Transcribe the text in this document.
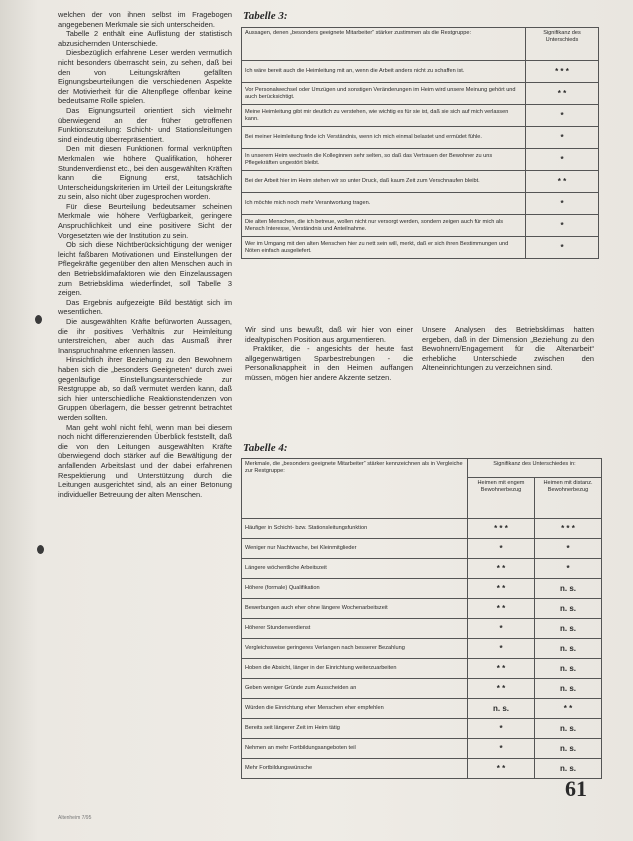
welchen der von ihnen selbst im Fragebogen angegebenen Merkmale sie sich unterscheiden.

Tabelle 2 enthält eine Auflistung der statistisch abzusichernden Unterschiede.

Diesbezüglich erfahrene Leser werden vermutlich nicht besonders überrascht sein, zu sehen, daß bei den von Leitungskräften gefällten Eignungsbeurteilungen die verschiedenen Aspekte der Motivierheit für die Altenpflege offenbar keine bedeutsame Rolle spielen.

Das Eignungsurteil orientiert sich vielmehr überwiegend an der früher getroffenen Funktionszuteilung: Schicht- und Stationsleitungen sind eindeutig überrepräsentiert.

Den mit diesen Funktionen formal verknüpften Merkmalen wie höhere Qualifikation, höherer Stundenverdienst etc., bei den ausgewählten Kräften kann die Eignung erst, tatsächlich Unterscheidungskriterien im Urteil der Leitungskräfte zu sein, also nicht über zugesprochen worden.

Für diese Beurteilung bedeutsamer scheinen Merkmale wie höhere Verfügbarkeit, geringere Anspruchlichkeit und eine positivere Sicht der Vorgesetzten wie der Institution zu sein.

Ob sich diese Nichtberücksichtigung der weniger leicht faßbaren Motivationen und Einstellungen der Pflegekräfte gegenüber den alten Menschen auch in den Betriebsklimafaktoren wie den Einzelaussagen zum Betriebsklima wiederfindet, soll Tabelle 3 zeigen.

Das Ergebnis aufgezeigte Bild bestätigt sich im wesentlichen.

Die ausgewählten Kräfte befürworten Aussagen, die ihr positives Verhältnis zur Heimleitung unterstreichen, aber auch das Ausmaß ihrer Inanspruchnahme erkennen lassen.

Hinsichtlich ihrer Beziehung zu den Bewohnern haben sich die „besonders Geeigneten“ durch zwei gegenläufige Einstellungsunterschiede zur Restgruppe ab, so daß vermutet werden kann, daß sich hier unterschiedliche Reaktionstendenzen von Gruppen überlagern, die besser getrennt betrachtet werden sollten.

Man geht wohl nicht fehl, wenn man bei diesem noch nicht differenzierenden Überblick feststellt, daß die von den Leitungen ausgewählten Kräfte überwiegend doch stärker auf die Bewältigung der anfallenden Arbeitslast und der dabei erfahrenen Respektierung und Unterstützung durch die Leitungen ausgerichtet sind, als an einer Betonung individueller Betreuung der alten Menschen.

Tabelle 3:
Aussagen, denen „besonders geeignete Mitarbeiter“ stärker zustimmen als die Restgruppe:	Signifikanz des Unterschieds
Ich wäre bereit auch die Heimleitung mit an, wenn die Arbeit anders nicht zu schaffen ist.	* * *
Vor Personalwechsel oder Umzügen und sonstigen Veränderungen im Heim wird unsere Meinung gehört und auch berücksichtigt.	* *
Meine Heimleitung gibt mir deutlich zu verstehen, wie wichtig es für sie ist, daß sie sich auf mich verlassen kann.	*
Bei meiner Heimleitung finde ich Verständnis, wenn ich mich einmal belastet und ermüdet fühle.	*
In unserem Heim wechseln die Kolleginnen sehr selten, so daß das Vertrauen der Bewohner zu uns Pflegekräften ungestört bleibt.	*
Bei der Arbeit hier im Heim stehen wir so unter Druck, daß kaum Zeit zum Verschnaufen bleibt.	* *
Ich möchte mich noch mehr Verantwortung tragen.	*
Die alten Menschen, die ich betreue, wollen nicht nur versorgt werden, sondern zeigen auch für mich als Mensch Interesse, Verständnis und Anteilnahme.	*
Wer im Umgang mit den alten Menschen hier zu nett sein will, merkt, daß er sich ihren Bestimmungen und Nöten einfach ausgeliefert.	*

Wir sind uns bewußt, daß wir hier von einer idealtypischen Position aus argumentieren.

Praktiker, die - angesichts der heute fast allgegenwärtigen Sparbestrebungen - die Personalknappheit in den Heimen auffangen müssen, mögen hier andere Akzente setzen.

Unsere Analysen des Betriebsklimas hatten ergeben, daß in der Dimension „Beziehung zu den Bewohnern/Engagement für die Altenarbeit“ erhebliche Unterschiede zwischen den Alteneinrichtungen zu verzeichnen sind.

Tabelle 4:
Merkmale, die „besonders geeignete Mitarbeiter“ stärker kennzeichnen als in Vergleiche zur Restgruppe:	Signifikanz des Unterschiedes in:	
	Heimen mit engem Bewohnerbezug	Heimen mit distanz. Bewohnerbezug
Häufiger in Schicht- bzw. Stationsleitungsfunktion	* * *	* * *
Weniger nur Nachtwache, bei Kleinmitglieder	*	*
Längere wöchentliche Arbeitszeit	* *	*
Höhere (formale) Qualifikation	* *	n. s.
Bewerbungen auch eher ohne längere Wochenarbeitszeit	* *	n. s.
Höherer Stundenverdienst	*	n. s.
Vergleichsweise geringeres Verlangen nach besserer Bezahlung	*	n. s.
Hoben die Absicht, länger in der Einrichtung weiterzuarbeiten	* *	n. s.
Geben weniger Gründe zum Ausscheiden an	* *	n. s.
Würden die Einrichtung eher Menschen eher empfehlen	n. s.	* *
Bereits seit längerer Zeit im Heim tätig	*	n. s.
Nehmen an mehr Fortbildungsangeboten teil	*	n. s.
Mehr Fortbildungswünsche	* *	n. s.
61
Altenheim 7/95
